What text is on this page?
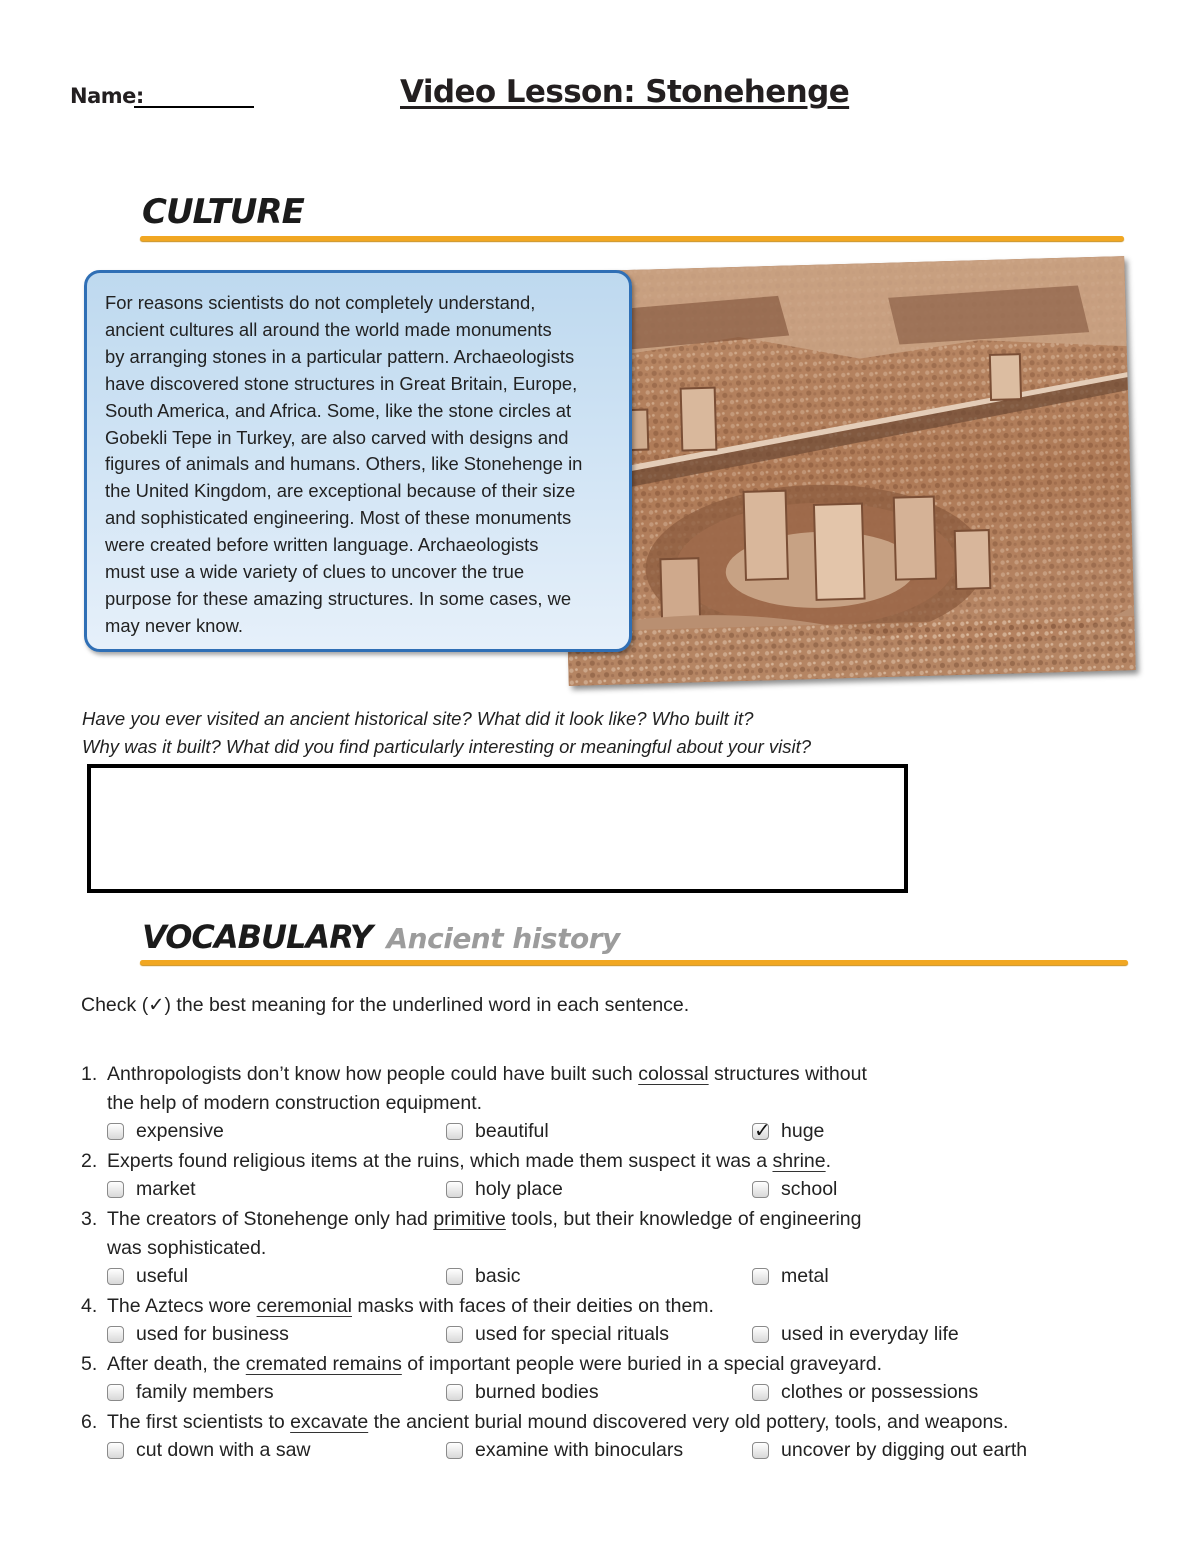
Name:	Video Lesson: Stonehenge
CULTURE
For reasons scientists do not completely understand,
ancient cultures all around the world made monuments
by arranging stones in a particular pattern. Archaeologists
have discovered stone structures in Great Britain, Europe,
South America, and Africa. Some, like the stone circles at
Gobekli Tepe in Turkey, are also carved with designs and
figures of animals and humans. Others, like Stonehenge in
the United Kingdom, are exceptional because of their size
and sophisticated engineering. Most of these monuments
were created before written language. Archaeologists
must use a wide variety of clues to uncover the true
purpose for these amazing structures. In some cases, we
may never know.
Have you ever visited an ancient historical site? What did it look like? Who built it?
Why was it built? What did you find particularly interesting or meaningful about your visit?
VOCABULARY Ancient history
Check (✓) the best meaning for the underlined word in each sentence.
1. Anthropologists don’t know how people could have built such colossal structures without
the help of modern construction equipment.
expensive	beautiful	✓ huge
2. Experts found religious items at the ruins, which made them suspect it was a shrine.
market	holy place	school
3. The creators of Stonehenge only had primitive tools, but their knowledge of engineering
was sophisticated.
useful	basic	metal
4. The Aztecs wore ceremonial masks with faces of their deities on them.
used for business	used for special rituals	used in everyday life
5. After death, the cremated remains of important people were buried in a special graveyard.
family members	burned bodies	clothes or possessions
6. The first scientists to excavate the ancient burial mound discovered very old pottery, tools, and weapons.
cut down with a saw	examine with binoculars	uncover by digging out earth
